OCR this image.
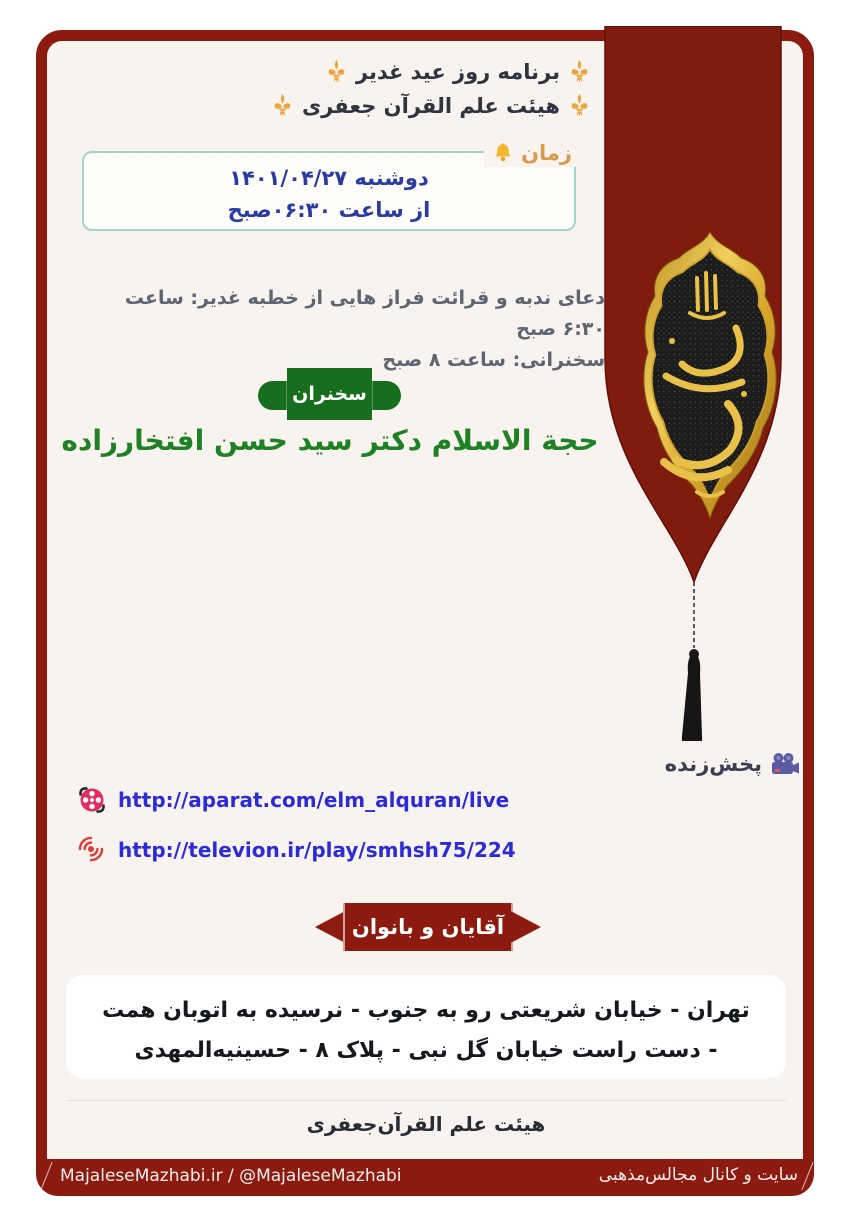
برنامه روز عید غدیر
هیئت علم القرآن جعفری
زمان
دوشنبه ۱۴۰۱/۰۴/۲۷
از ساعت ۰۶:۳۰صبح
دعای ندبه و قرائت فراز هایی از خطبه غدیر: ساعت ۶:۳۰ صبح
سخنرانی: ساعت ۸ صبح
سخنران
حجة الاسلام دکتر سید حسن افتخارزاده
پخش‌زنده
http://aparat.com/elm_alquran/live
http://televion.ir/play/smhsh75/224
آقایان و بانوان

تهران - خیابان شریعتی رو به جنوب - نرسیده به اتوبان همت - دست راست خیابان گل نبی - پلاک ۸ - حسینیه‌المهدی

هیئت علم القرآن‌جعفری
MajaleseMazhabi.ir / @MajaleseMazhabi	سایت و کانال مجالس‌مذهبی
